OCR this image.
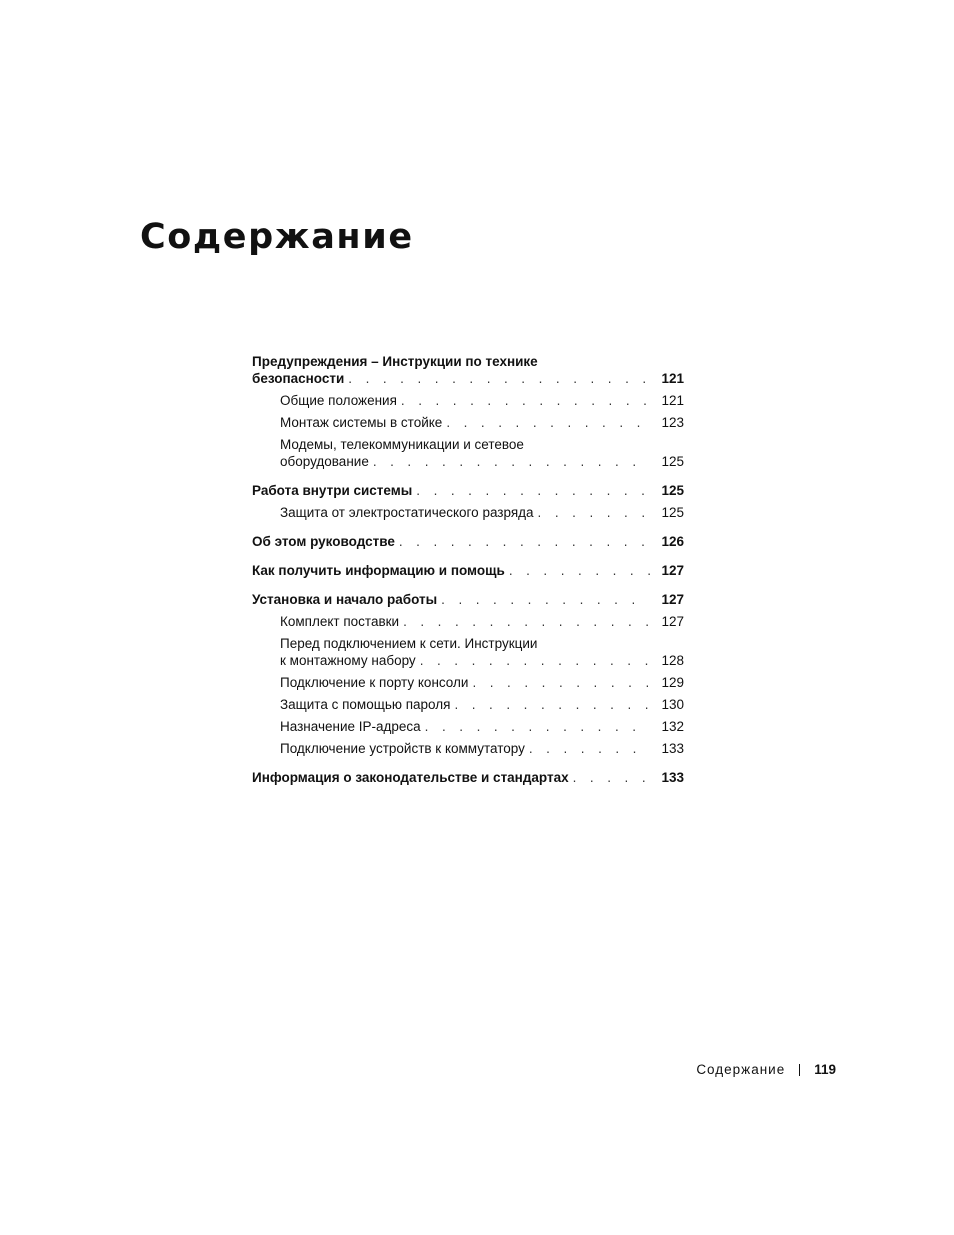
Содержание
Предупреждения – Инструкции по технике
безопасности . . .	121
Общие положения . . .	121
Монтаж системы в стойке . . .	123
Модемы, телекоммуникации и сетевое
оборудование . . .	125
Работа внутри системы . . .	125
Защита от электростатического разряда . . .	125
Об этом руководстве . . .	126
Как получить информацию и помощь . . .	127
Установка и начало работы . . .	127
Комплект поставки . . .	127
Перед подключением к сети. Инструкции
к монтажному набору . . .	128
Подключение к порту консоли . . .	129
Защита с помощью пароля . . .	130
Назначение IP-адреса . . .	132
Подключение устройств к коммутатору . . .	133
Информация о законодательстве и стандартах . . .	133
Содержание 119
